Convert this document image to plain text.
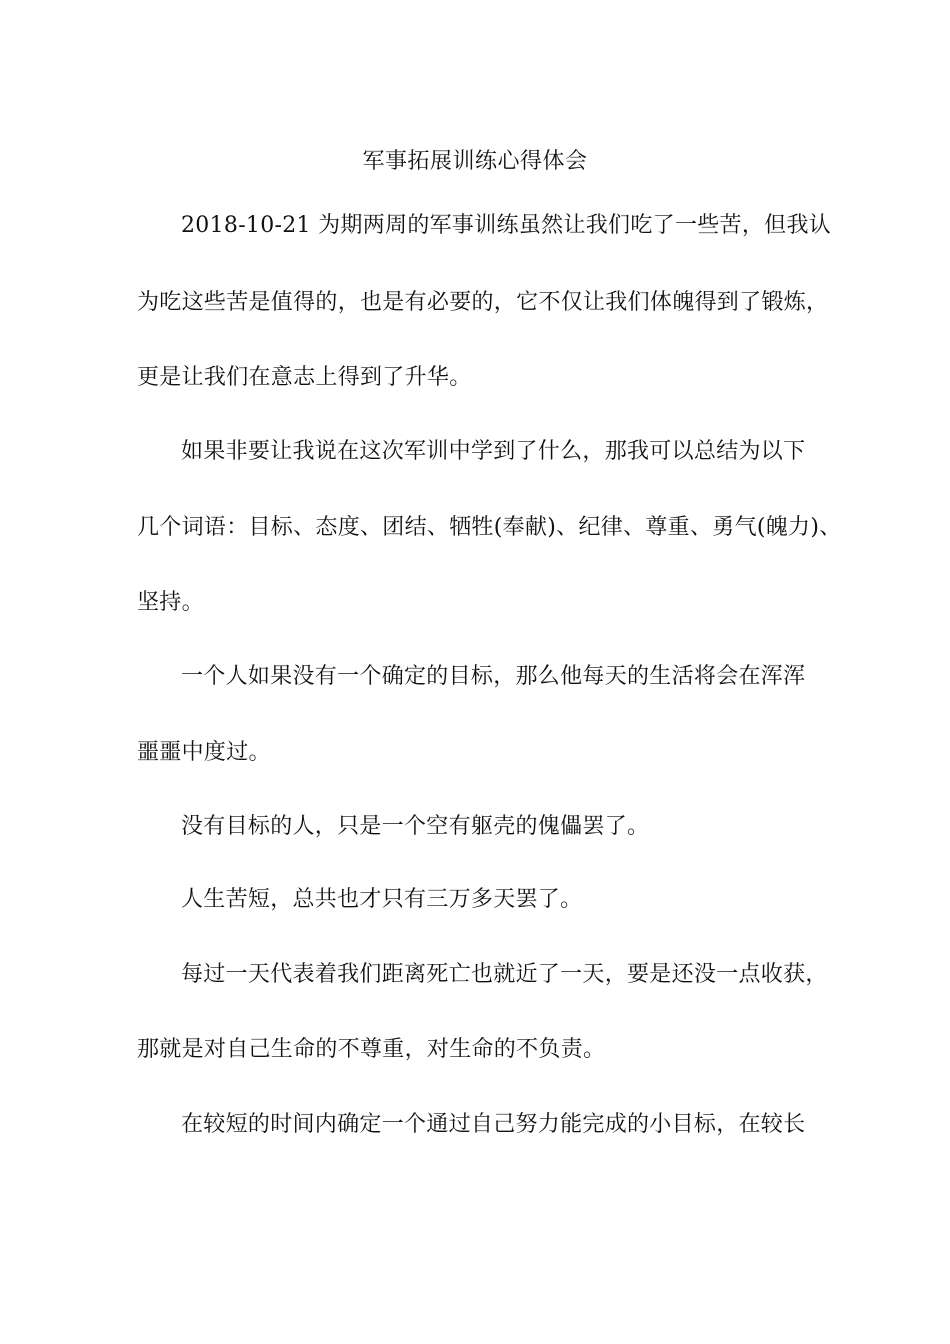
军事拓展训练心得体会
2018-10-21 为期两周的军事训练虽然让我们吃了一些苦，但我认
为吃这些苦是值得的，也是有必要的，它不仅让我们体魄得到了锻炼，
更是让我们在意志上得到了升华。
如果非要让我说在这次军训中学到了什么，那我可以总结为以下
几个词语：目标、态度、团结、牺牲(奉献)、纪律、尊重、勇气(魄力)、
坚持。
一个人如果没有一个确定的目标，那么他每天的生活将会在浑浑
噩噩中度过。
没有目标的人，只是一个空有躯壳的傀儡罢了。
人生苦短，总共也才只有三万多天罢了。
每过一天代表着我们距离死亡也就近了一天，要是还没一点收获，
那就是对自己生命的不尊重，对生命的不负责。
在较短的时间内确定一个通过自己努力能完成的小目标，在较长
